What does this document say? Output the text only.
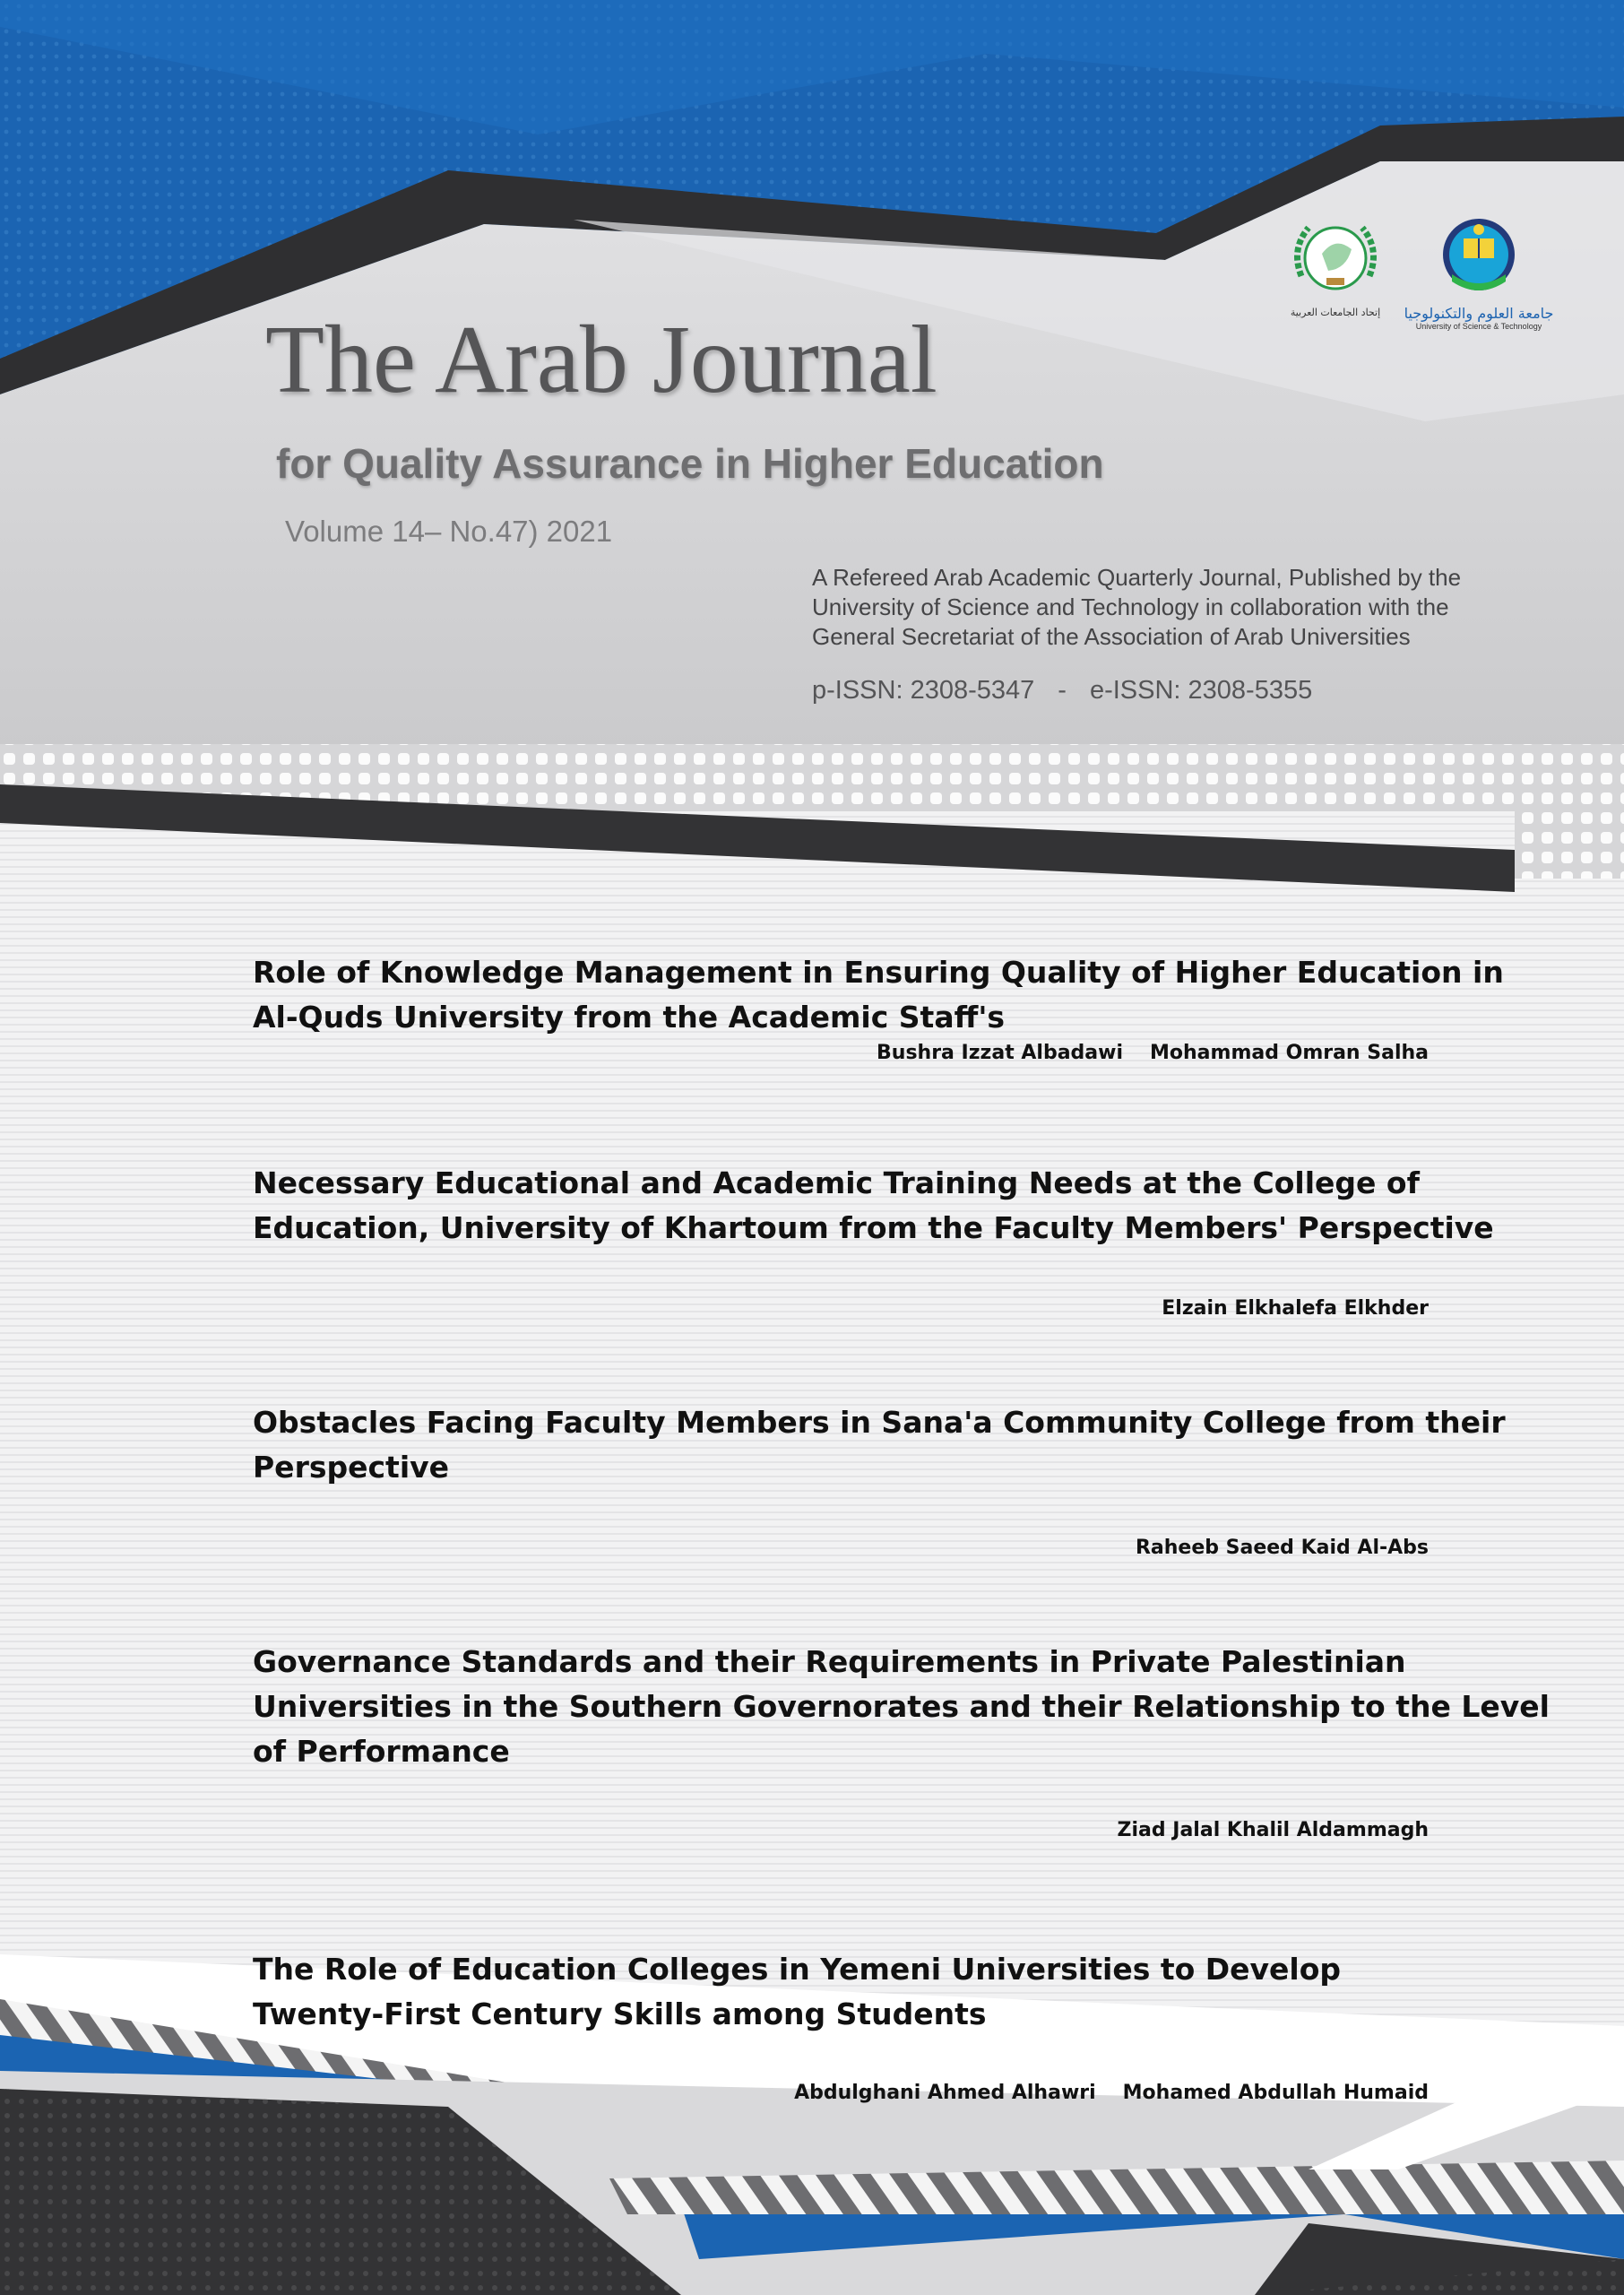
إتحاد الجامعات العربية	جامعة العلوم والتكنولوجيا
University of Science & Technology
The Arab Journal
for Quality Assurance in Higher Education
Volume 14– No.47) 2021
A Refereed Arab Academic Quarterly Journal, Published by the
University of Science and Technology in collaboration with the
General Secretariat of the Association of Arab Universities
p-ISSN: 2308-5347 - e-ISSN: 2308-5355
Role of Knowledge Management in Ensuring Quality of Higher Education in
Al-Quds University from the Academic Staff's
Bushra Izzat Albadawi Mohammad Omran Salha
Necessary Educational and Academic Training Needs at the College of
Education, University of Khartoum from the Faculty Members' Perspective
Elzain Elkhalefa Elkhder
Obstacles Facing Faculty Members in Sana'a Community College from their
Perspective
Raheeb Saeed Kaid Al-Abs
Governance Standards and their Requirements in Private Palestinian
Universities in the Southern Governorates and their Relationship to the Level
of Performance
Ziad Jalal Khalil Aldammagh
The Role of Education Colleges in Yemeni Universities to Develop
Twenty-First Century Skills among Students
Abdulghani Ahmed Alhawri Mohamed Abdullah Humaid
